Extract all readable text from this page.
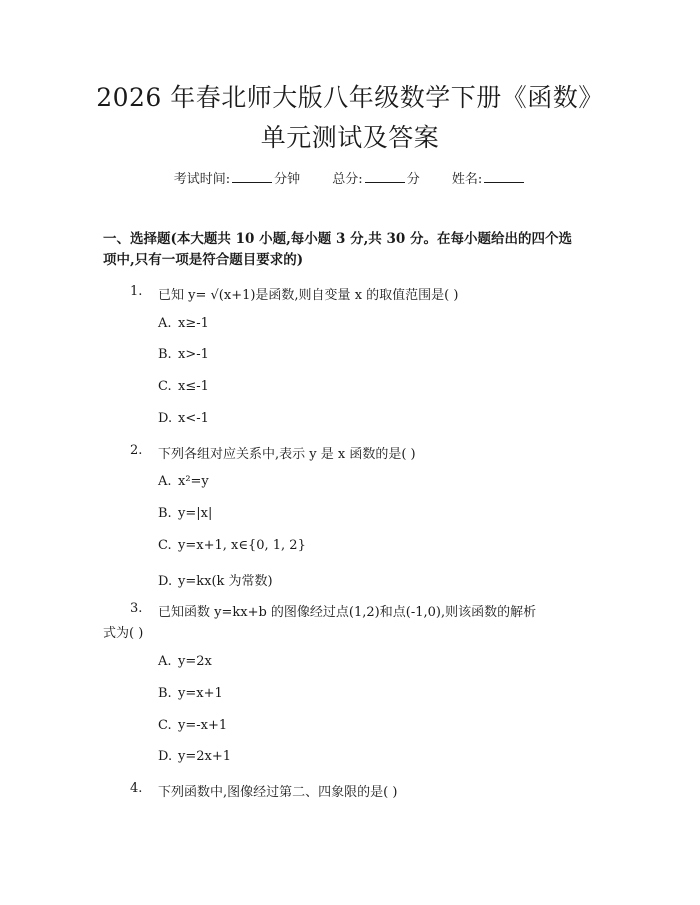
2026 年春北师大版八年级数学下册《函数》
单元测试及答案
考试时间:	分钟 总分:	分 姓名:
一、选择题(本大题共 10 小题,每小题 3 分,共 30 分。在每小题给出的四个选
项中,只有一项是符合题目要求的)
1. 已知 y= √(x+1)是函数,则自变量 x 的取值范围是( )
A. x≥-1
B. x>-1
C. x≤-1
D. x<-1
2. 下列各组对应关系中,表示 y 是 x 函数的是( )
A. x²=y
B. y=|x|
C. y=x+1, x∈{0, 1, 2}
D. y=kx(k 为常数)
3. 已知函数 y=kx+b 的图像经过点(1,2)和点(-1,0),则该函数的解析
式为( )
A. y=2x
B. y=x+1
C. y=-x+1
D. y=2x+1
4. 下列函数中,图像经过第二、四象限的是( )
